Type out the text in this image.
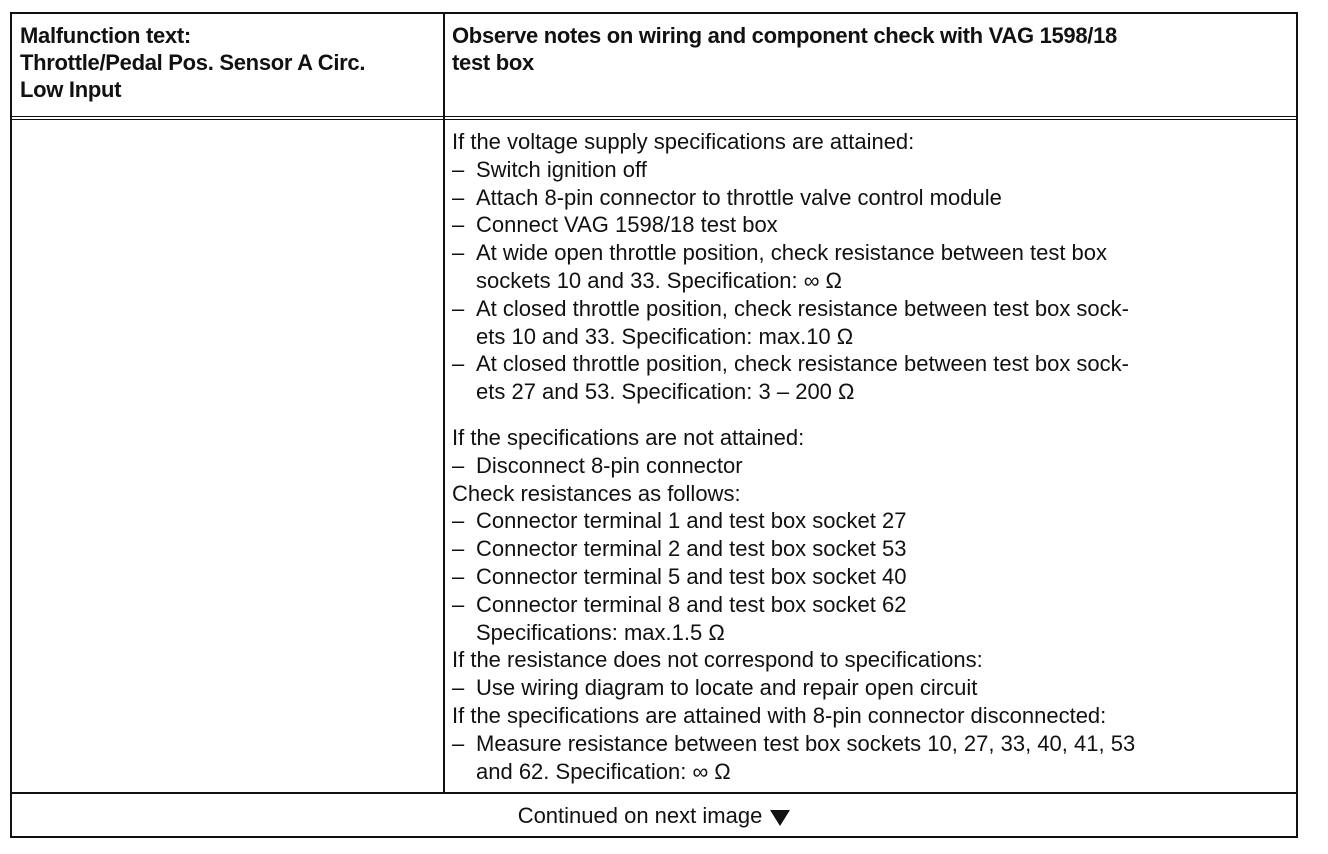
Malfunction text:
Throttle/Pedal Pos. Sensor A Circ.
Low Input
Observe notes on wiring and component check with VAG 1598/18
test box
If the voltage supply specifications are attained:
– Switch ignition off
– Attach 8-pin connector to throttle valve control module
– Connect VAG 1598/18 test box
– At wide open throttle position, check resistance between test box
sockets 10 and 33. Specification: ∞ Ω
– At closed throttle position, check resistance between test box sock-
ets 10 and 33. Specification: max.10 Ω
– At closed throttle position, check resistance between test box sock-
ets 27 and 53. Specification: 3 – 200 Ω
If the specifications are not attained:
– Disconnect 8-pin connector
Check resistances as follows:
– Connector terminal 1 and test box socket 27
– Connector terminal 2 and test box socket 53
– Connector terminal 5 and test box socket 40
– Connector terminal 8 and test box socket 62
Specifications: max.1.5 Ω
If the resistance does not correspond to specifications:
– Use wiring diagram to locate and repair open circuit
If the specifications are attained with 8-pin connector disconnected:
– Measure resistance between test box sockets 10, 27, 33, 40, 41, 53
and 62. Specification: ∞ Ω
Continued on next image
